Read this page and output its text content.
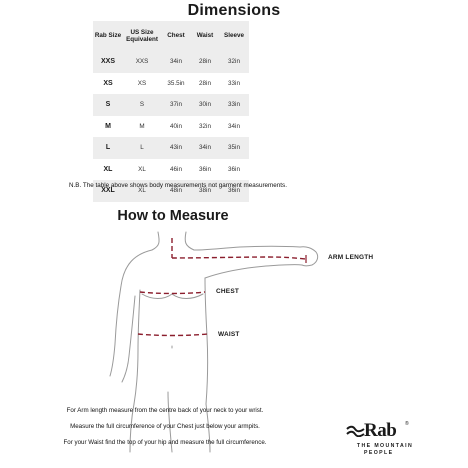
Dimensions
Rab Size	US Size Equivalent	Chest	Waist	Sleeve
XXS	XXS	34in	28in	32in
XS	XS	35.5in	28in	33in
S	S	37in	30in	33in
M	M	40in	32in	34in
L	L	43in	34in	35in
XL	XL	46in	36in	36in
XXL	XL	48in	38in	36in
N.B. The table above shows body measurements not garment measurements.
How to Measure
ARM LENGTH
CHEST
WAIST
For Arm length measure from the centre back of your neck to your wrist.
Measure the full circumference of your Chest just below your armpits.
For your Waist find the top of your hip and measure the full circumference.
Rab ®
THE MOUNTAIN
PEOPLE
